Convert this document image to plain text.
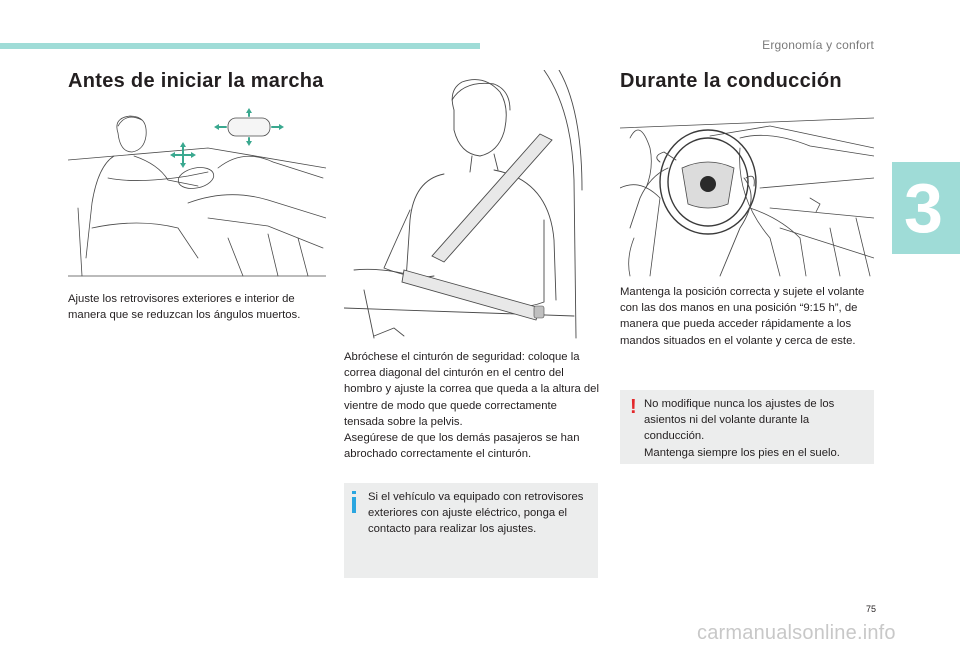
Ergonomía y confort
3
Antes de iniciar la marcha

Ajuste los retrovisores exteriores e interior de manera que se reduzcan los ángulos muertos.

Abróchese el cinturón de seguridad: coloque la correa diagonal del cinturón en el centro del hombro y ajuste la correa que queda a la altura del vientre de modo que quede correctamente tensada sobre la pelvis.

Asegúrese de que los demás pasajeros se han abrochado correctamente el cinturón.

Si el vehículo va equipado con retrovisores exteriores con ajuste eléctrico, ponga el contacto para realizar los ajustes.

Durante la conducción

Mantenga la posición correcta y sujete el volante con las dos manos en una posición “9:15 h”, de manera que pueda acceder rápidamente a los mandos situados en el volante y cerca de este.

! No modifique nunca los ajustes de los asientos ni del volante durante la conducción.

Mantenga siempre los pies en el suelo.

75
carmanualsonline.info
